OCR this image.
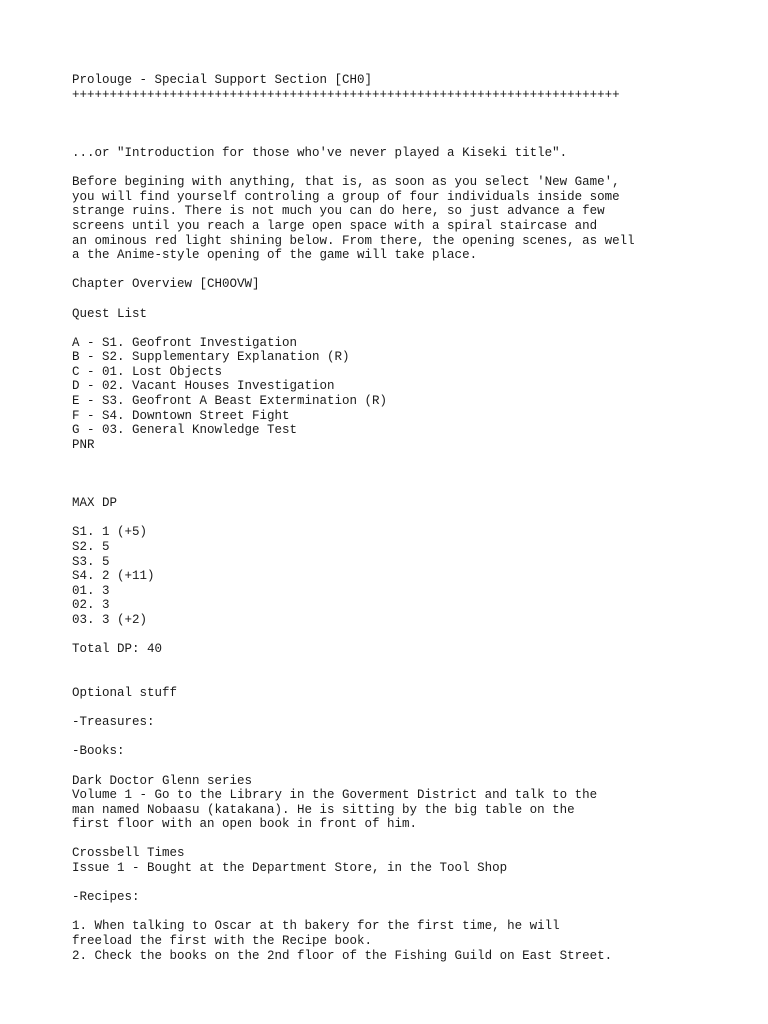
Prolouge - Special Support Section [CH0]
+++++++++++++++++++++++++++++++++++++++++++++++++++++++++++++++++++++++++
...or "Introduction for those who've never played a Kiseki title".
Before begining with anything, that is, as soon as you select 'New Game',
you will find yourself controling a group of four individuals inside some
strange ruins. There is not much you can do here, so just advance a few
screens until you reach a large open space with a spiral staircase and
an ominous red light shining below. From there, the opening scenes, as well
a the Anime-style opening of the game will take place.
Chapter Overview [CH0OVW]
Quest List
A - S1. Geofront Investigation
B - S2. Supplementary Explanation (R)
C - 01. Lost Objects
D - 02. Vacant Houses Investigation
E - S3. Geofront A Beast Extermination (R)
F - S4. Downtown Street Fight
G - 03. General Knowledge Test
PNR
MAX DP
S1. 1 (+5)
S2. 5
S3. 5
S4. 2 (+11)
01. 3
02. 3
03. 3 (+2)
Total DP: 40
Optional stuff
-Treasures:
-Books:
Dark Doctor Glenn series
Volume 1 - Go to the Library in the Goverment District and talk to the
man named Nobaasu (katakana). He is sitting by the big table on the
first floor with an open book in front of him.
Crossbell Times
Issue 1 - Bought at the Department Store, in the Tool Shop
-Recipes:
1. When talking to Oscar at th bakery for the first time, he will
freeload the first with the Recipe book.
2. Check the books on the 2nd floor of the Fishing Guild on East Street.
